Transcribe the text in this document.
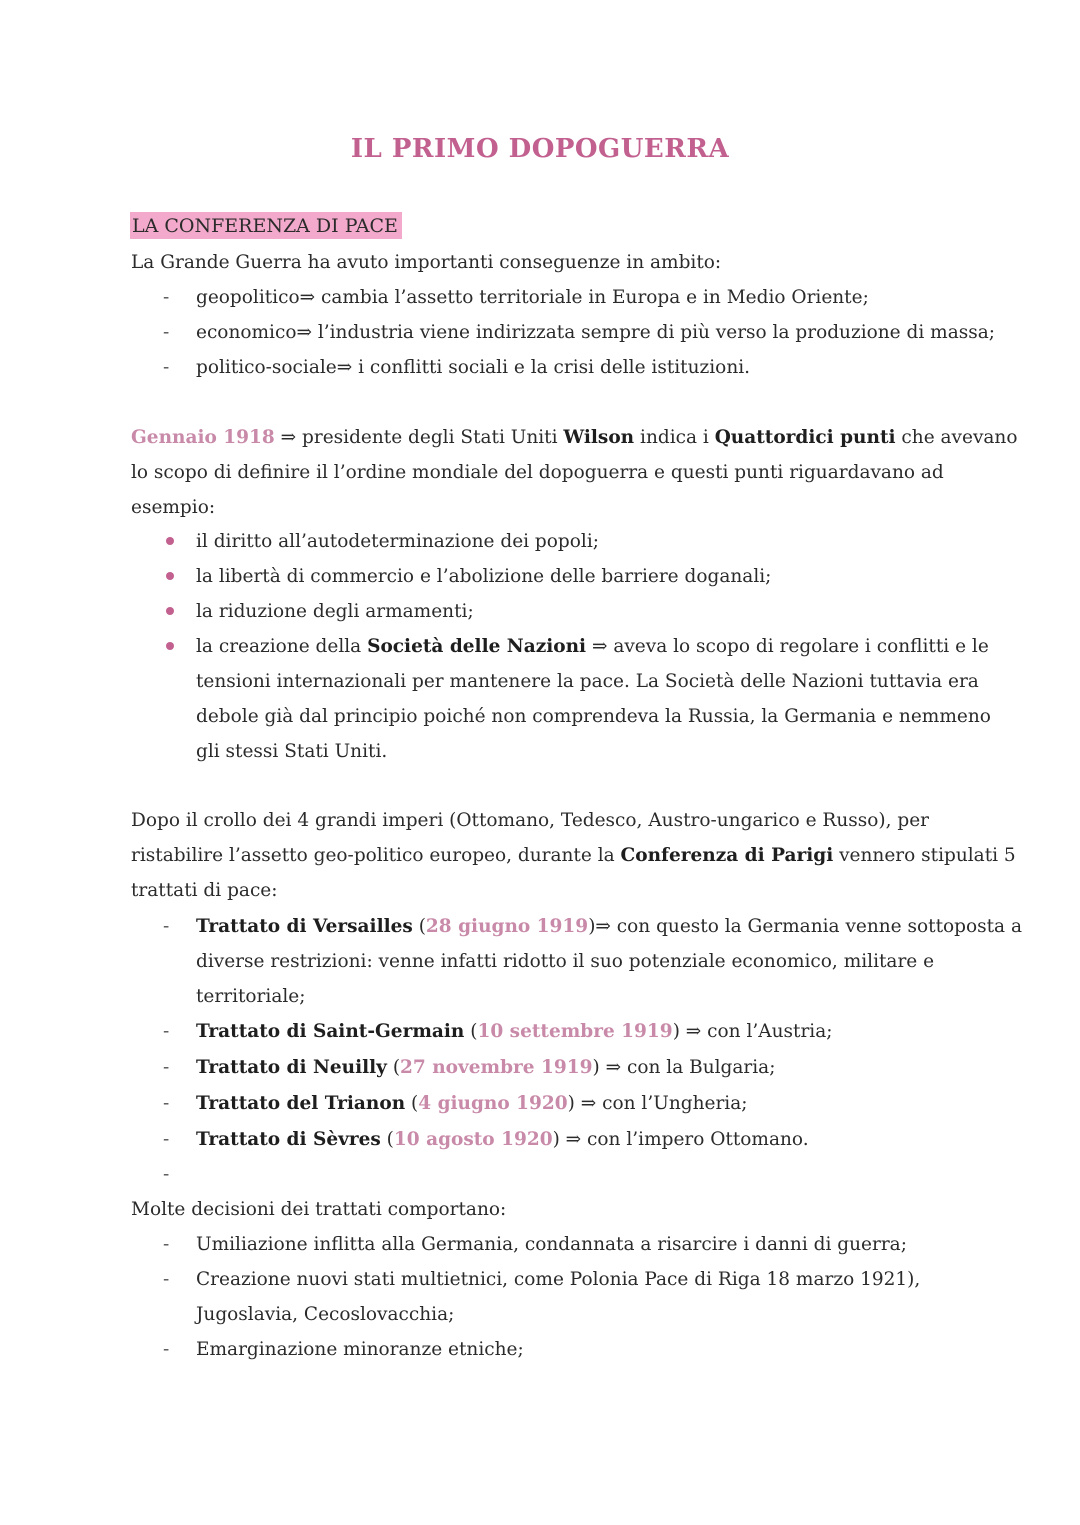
IL PRIMO DOPOGUERRA
LA CONFERENZA DI PACE
La Grande Guerra ha avuto importanti conseguenze in ambito:
- geopolitico⇒ cambia l’assetto territoriale in Europa e in Medio Oriente;
- economico⇒ l’industria viene indirizzata sempre di più verso la produzione di massa;
- politico-sociale⇒ i conflitti sociali e la crisi delle istituzioni.
Gennaio 1918 ⇒ presidente degli Stati Uniti Wilson indica i Quattordici punti che avevano
lo scopo di definire il l’ordine mondiale del dopoguerra e questi punti riguardavano ad
esempio:
il diritto all’autodeterminazione dei popoli;
la libertà di commercio e l’abolizione delle barriere doganali;
la riduzione degli armamenti;
la creazione della Società delle Nazioni ⇒ aveva lo scopo di regolare i conflitti e le
tensioni internazionali per mantenere la pace. La Società delle Nazioni tuttavia era
debole già dal principio poiché non comprendeva la Russia, la Germania e nemmeno
gli stessi Stati Uniti.
Dopo il crollo dei 4 grandi imperi (Ottomano, Tedesco, Austro-ungarico e Russo), per
ristabilire l’assetto geo-politico europeo, durante la Conferenza di Parigi vennero stipulati 5
trattati di pace:
- Trattato di Versailles (28 giugno 1919)⇒ con questo la Germania venne sottoposta a
diverse restrizioni: venne infatti ridotto il suo potenziale economico, militare e
territoriale;
- Trattato di Saint-Germain (10 settembre 1919) ⇒ con l’Austria;
- Trattato di Neuilly (27 novembre 1919) ⇒ con la Bulgaria;
- Trattato del Trianon (4 giugno 1920) ⇒ con l’Ungheria;
- Trattato di Sèvres (10 agosto 1920) ⇒ con l’impero Ottomano.
-
Molte decisioni dei trattati comportano:
- Umiliazione inflitta alla Germania, condannata a risarcire i danni di guerra;
- Creazione nuovi stati multietnici, come Polonia Pace di Riga 18 marzo 1921),
Jugoslavia, Cecoslovacchia;
- Emarginazione minoranze etniche;
